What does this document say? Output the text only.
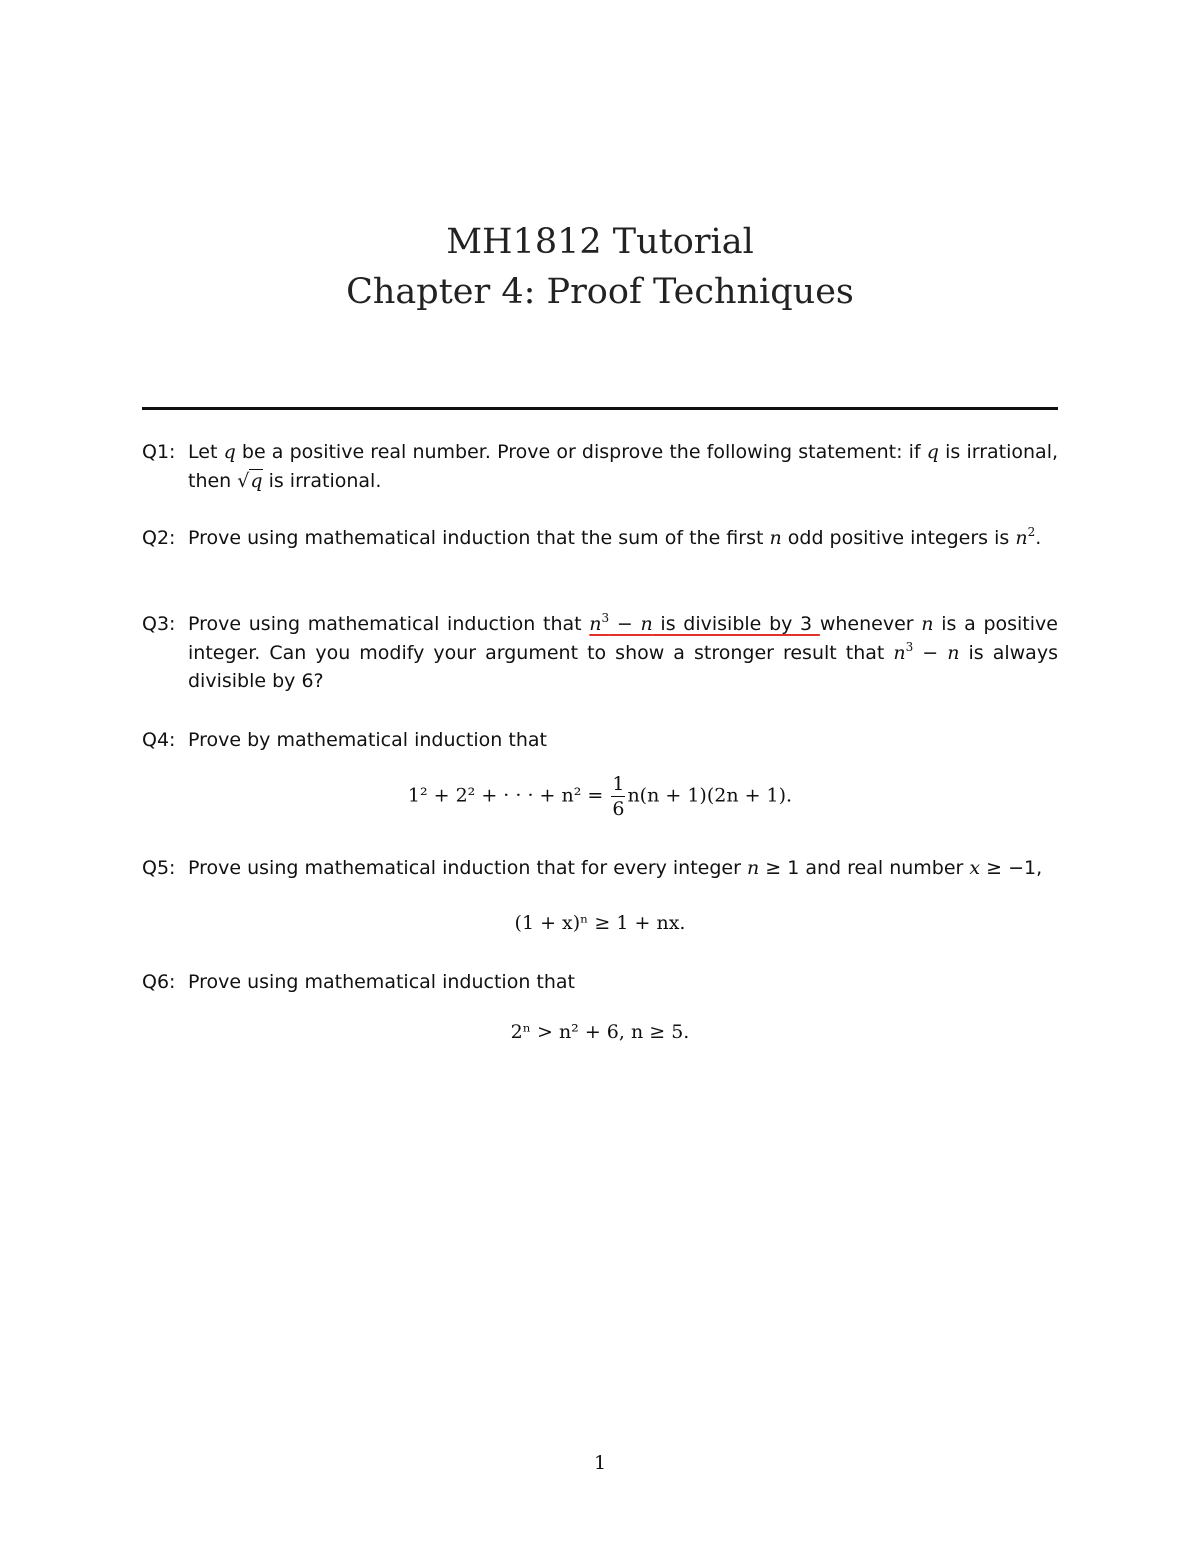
MH1812 Tutorial
Chapter 4: Proof Techniques
Q1: Let q be a positive real number. Prove or disprove the following statement: if q is irrational, then √q is irrational.
Q2: Prove using mathematical induction that the sum of the first n odd positive integers is $n^2$.
Q3: Prove using mathematical induction that $n^3 - n$ is divisible by 3 whenever n is a positive integer. Can you modify your argument to show a stronger result that $n^3 - n$ is always divisible by 6?
Q4: Prove by mathematical induction that
1² + 2² + · · · + $n^2 = \frac{1}{6} n(n + 1)(2n + 1)$.
Q5: Prove using mathematical induction that for every integer n ≥ 1 and real number x ≥ −1,
(1 + x)ⁿ ≥ 1 + nx.
Q6: Prove using mathematical induction that
2ⁿ > n² + 6, n ≥ 5.
1
